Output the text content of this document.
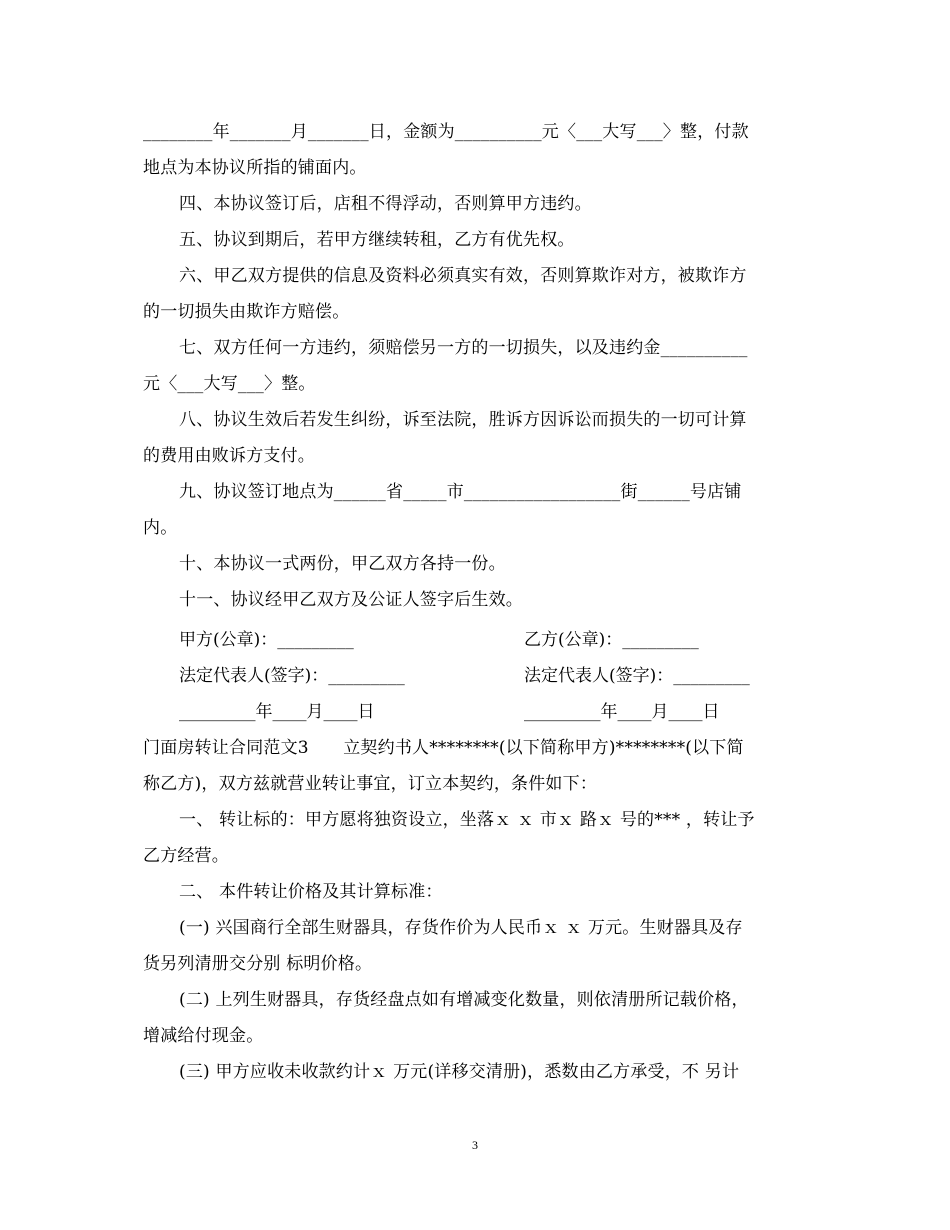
________年_______月_______日，金额为__________元〈___大写___〉整，付款
地点为本协议所指的铺面内。
四、本协议签订后，店租不得浮动，否则算甲方违约。
五、协议到期后，若甲方继续转租，乙方有优先权。
六、甲乙双方提供的信息及资料必须真实有效，否则算欺诈对方，被欺诈方
的一切损失由欺诈方赔偿。
七、双方任何一方违约，须赔偿另一方的一切损失，以及违约金__________
元〈___大写___〉整。
八、协议生效后若发生纠纷，诉至法院，胜诉方因诉讼而损失的一切可计算
的费用由败诉方支付。
九、协议签订地点为______省_____市__________________街______号店铺
内。
十、本协议一式两份，甲乙双方各持一份。
十一、协议经甲乙双方及公证人签字后生效。
甲方(公章)：_________	乙方(公章)：_________
法定代表人(签字)：_________	法定代表人(签字)：_________
_________年____月____日	_________年____月____日
门面房转让合同范文3　　立契约书人********(以下简称甲方)********(以下简
称乙方)，双方兹就营业转让事宜，订立本契约，条件如下：
一、 转让标的：甲方愿将独资设立，坐落ｘ ｘ 市ｘ 路ｘ 号的*** ，转让予
乙方经营。
二、 本件转让价格及其计算标准：
(一) 兴国商行全部生财器具，存货作价为人民币ｘ ｘ 万元。生财器具及存
货另列清册交分别 标明价格。
(二) 上列生财器具，存货经盘点如有增减变化数量，则依清册所记载价格，
增减给付现金。
(三) 甲方应收未收款约计ｘ 万元(详移交清册)，悉数由乙方承受，不 另计
3
